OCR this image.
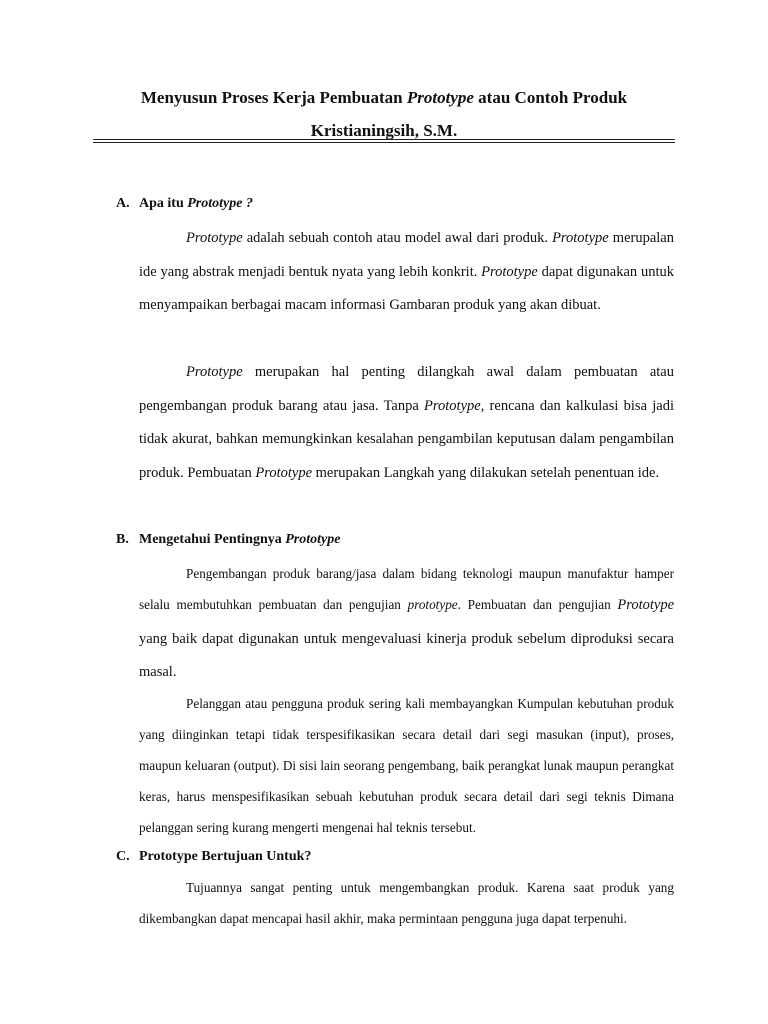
Menyusun Proses Kerja Pembuatan Prototype atau Contoh Produk
Kristianingsih, S.M.
A. Apa itu Prototype ?
Prototype adalah sebuah contoh atau model awal dari produk. Prototype merupalan ide yang abstrak menjadi bentuk nyata yang lebih konkrit. Prototype dapat digunakan untuk menyampaikan berbagai macam informasi Gambaran produk yang akan dibuat.
Prototype merupakan hal penting dilangkah awal dalam pembuatan atau pengembangan produk barang atau jasa. Tanpa Prototype, rencana dan kalkulasi bisa jadi tidak akurat, bahkan memungkinkan kesalahan pengambilan keputusan dalam pengambilan produk. Pembuatan Prototype merupakan Langkah yang dilakukan setelah penentuan ide.
B. Mengetahui Pentingnya Prototype
Pengembangan produk barang/jasa dalam bidang teknologi maupun manufaktur hamper selalu membutuhkan pembuatan dan pengujian prototype. Pembuatan dan pengujian Prototype yang baik dapat digunakan untuk mengevaluasi kinerja produk sebelum diproduksi secara masal.
Pelanggan atau pengguna produk sering kali membayangkan Kumpulan kebutuhan produk yang diinginkan tetapi tidak terspesifikasikan secara detail dari segi masukan (input), proses, maupun keluaran (output). Di sisi lain seorang pengembang, baik perangkat lunak maupun perangkat keras, harus menspesifikasikan sebuah kebutuhan produk secara detail dari segi teknis Dimana pelanggan sering kurang mengerti mengenai hal teknis tersebut.
C. Prototype Bertujuan Untuk?
Tujuannya sangat penting untuk mengembangkan produk. Karena saat produk yang dikembangkan dapat mencapai hasil akhir, maka permintaan pengguna juga dapat terpenuhi.
